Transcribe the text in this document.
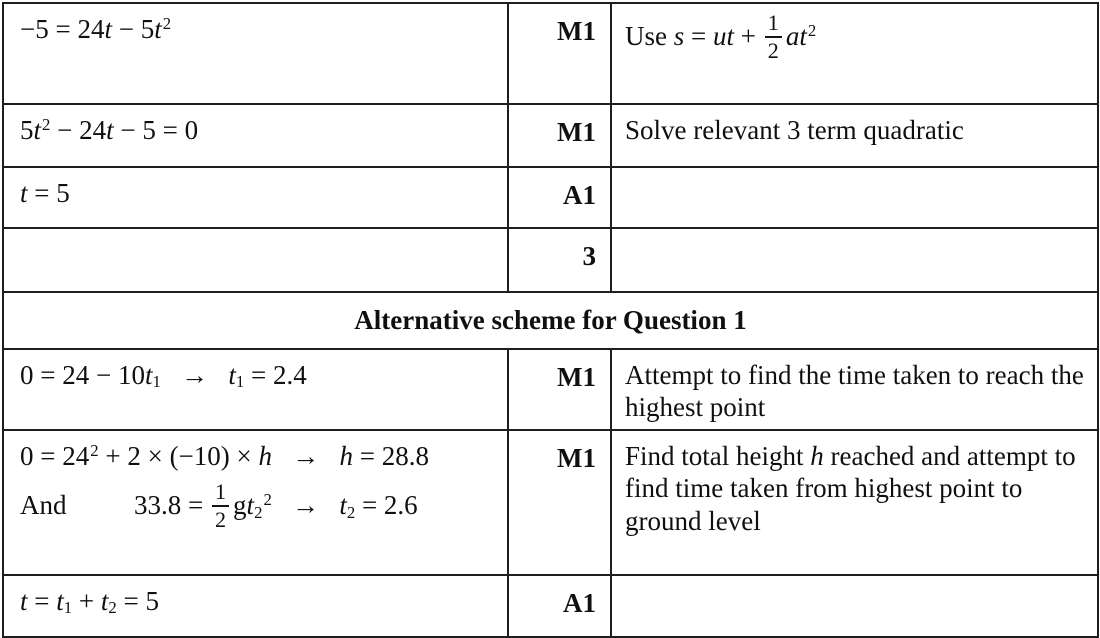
$-5 = 24t - 5t^2$	M1	Use s = ut + $\frac{1}{2} at^2$
$5t^2 - 24t - 5 = 0$	M1	Solve relevant 3 term quadratic
t = 5	A1	
	3	
Alternative scheme for Question 1		
$0 = 24 - 10t_1$  →  $t_1 = 2.4$	M1	Attempt to find the time taken to reach the highest point

$0 = 24^2 + 2 \times (-10) \times h$  →  h = 28.8
And     $33.8 = \frac{1}{2} gt_2^2$  →  $t_2 = 2.6$	M1	Find total height h reached and attempt to find time taken from highest point to ground level
$t = t_1 + t_2 = 5$	A1	
